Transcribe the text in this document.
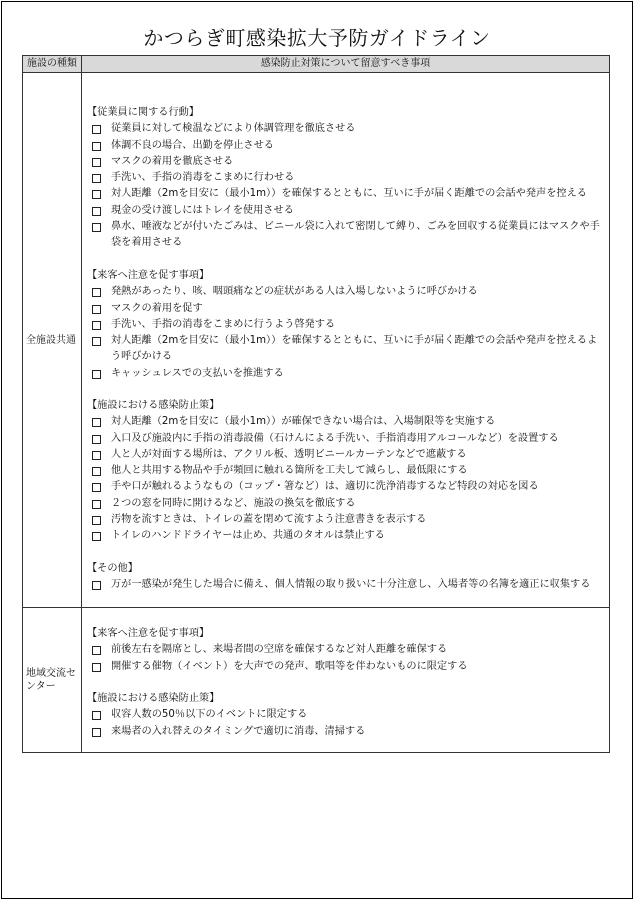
かつらぎ町感染拡大予防ガイドライン
施設の種類	感染防止対策について留意すべき事項
全施設共通
【従業員に関する行動】
従業員に対して検温などにより体調管理を徹底させる
体調不良の場合、出勤を停止させる
マスクの着用を徹底させる
手洗い、手指の消毒をこまめに行わせる
対人距離（2mを目安に（最小1m））を確保するとともに、互いに手が届く距離での会話や発声を控える
現金の受け渡しにはトレイを使用させる
鼻水、唾液などが付いたごみは、ビニール袋に入れて密閉して縛り、ごみを回収する従業員にはマスクや手袋を着用させる
【来客へ注意を促す事項】
発熱があったり、咳、咽頭痛などの症状がある人は入場しないように呼びかける
マスクの着用を促す
手洗い、手指の消毒をこまめに行うよう啓発する
対人距離（2mを目安に（最小1m））を確保するとともに、互いに手が届く距離での会話や発声を控えるよう呼びかける
キャッシュレスでの支払いを推進する
【施設における感染防止策】
対人距離（2mを目安に（最小1m））が確保できない場合は、入場制限等を実施する
入口及び施設内に手指の消毒設備（石けんによる手洗い、手指消毒用アルコールなど）を設置する
人と人が対面する場所は、アクリル板、透明ビニールカーテンなどで遮蔽する
他人と共用する物品や手が頻回に触れる箇所を工夫して減らし、最低限にする
手や口が触れるようなもの（コップ・箸など）は、適切に洗浄消毒するなど特段の対応を図る
２つの窓を同時に開けるなど、施設の換気を徹底する
汚物を流すときは、トイレの蓋を閉めて流すよう注意書きを表示する
トイレのハンドドライヤーは止め、共通のタオルは禁止する
【その他】
万が一感染が発生した場合に備え、個人情報の取り扱いに十分注意し、入場者等の名簿を適正に収集する
地域交流センター
【来客へ注意を促す事項】
前後左右を隔席とし、来場者間の空席を確保するなど対人距離を確保する
開催する催物（イベント）を大声での発声、歌唱等を伴わないものに限定する
【施設における感染防止策】
収容人数の50％以下のイベントに限定する
来場者の入れ替えのタイミングで適切に消毒、清掃する
